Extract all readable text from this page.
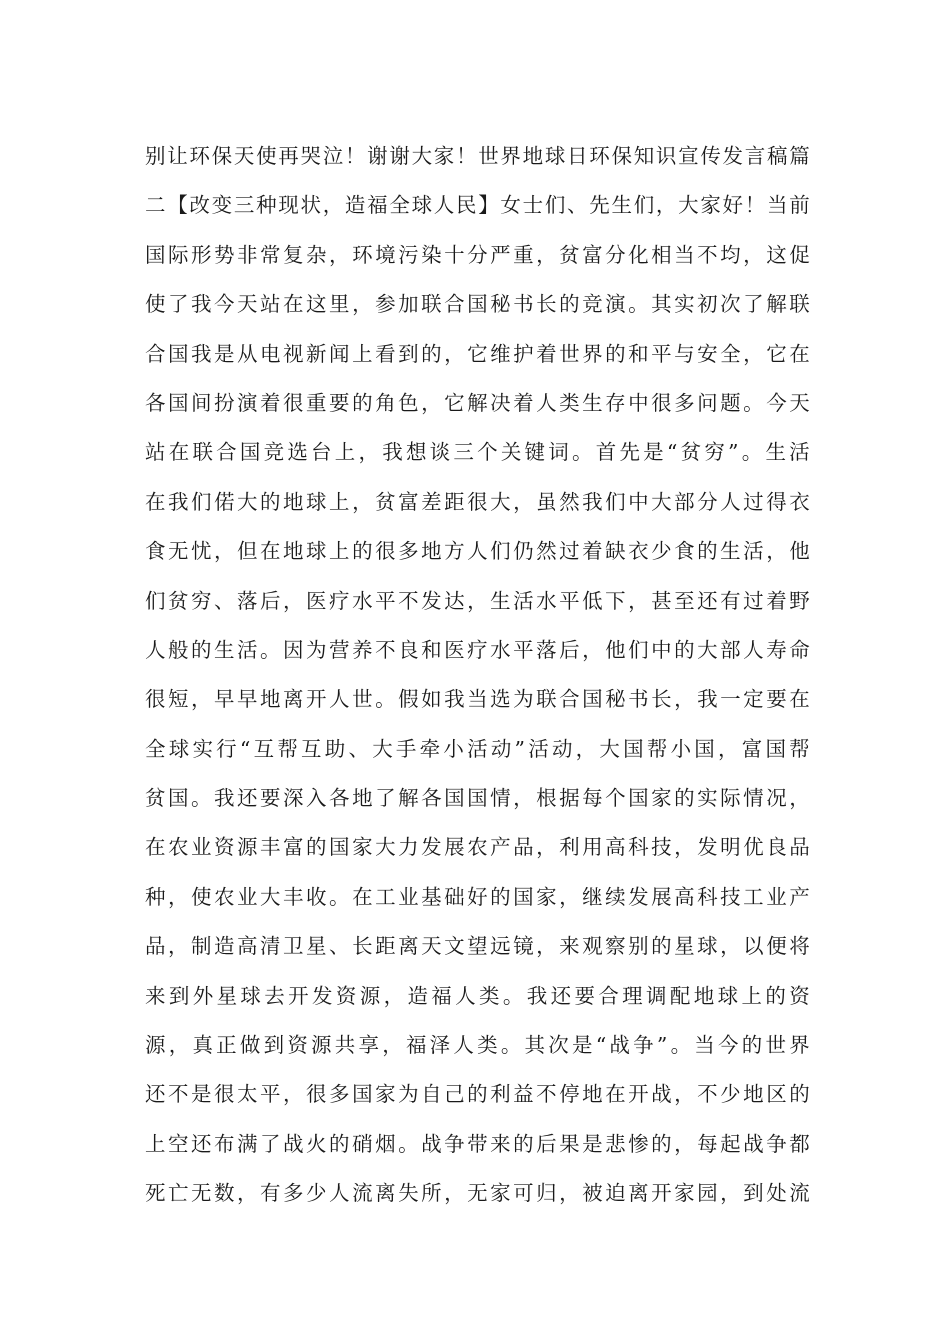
别让环保天使再哭泣！谢谢大家！世界地球日环保知识宣传发言稿篇
二【改变三种现状，造福全球人民】女士们、先生们，大家好！当前
国际形势非常复杂，环境污染十分严重，贫富分化相当不均，这促
使了我今天站在这里，参加联合国秘书长的竞演。其实初次了解联
合国我是从电视新闻上看到的，它维护着世界的和平与安全，它在
各国间扮演着很重要的角色，它解决着人类生存中很多问题。今天
站在联合国竞选台上，我想谈三个关键词。首先是“贫穷”。生活
在我们偌大的地球上，贫富差距很大，虽然我们中大部分人过得衣
食无忧，但在地球上的很多地方人们仍然过着缺衣少食的生活，他
们贫穷、落后，医疗水平不发达，生活水平低下，甚至还有过着野
人般的生活。因为营养不良和医疗水平落后，他们中的大部人寿命
很短，早早地离开人世。假如我当选为联合国秘书长，我一定要在
全球实行“互帮互助、大手牵小活动”活动，大国帮小国，富国帮
贫国。我还要深入各地了解各国国情，根据每个国家的实际情况，
在农业资源丰富的国家大力发展农产品，利用高科技，发明优良品
种，使农业大丰收。在工业基础好的国家，继续发展高科技工业产
品，制造高清卫星、长距离天文望远镜，来观察别的星球，以便将
来到外星球去开发资源，造福人类。我还要合理调配地球上的资
源，真正做到资源共享，福泽人类。其次是“战争”。当今的世界
还不是很太平，很多国家为自己的利益不停地在开战，不少地区的
上空还布满了战火的硝烟。战争带来的后果是悲惨的，每起战争都
死亡无数，有多少人流离失所，无家可归，被迫离开家园，到处流
